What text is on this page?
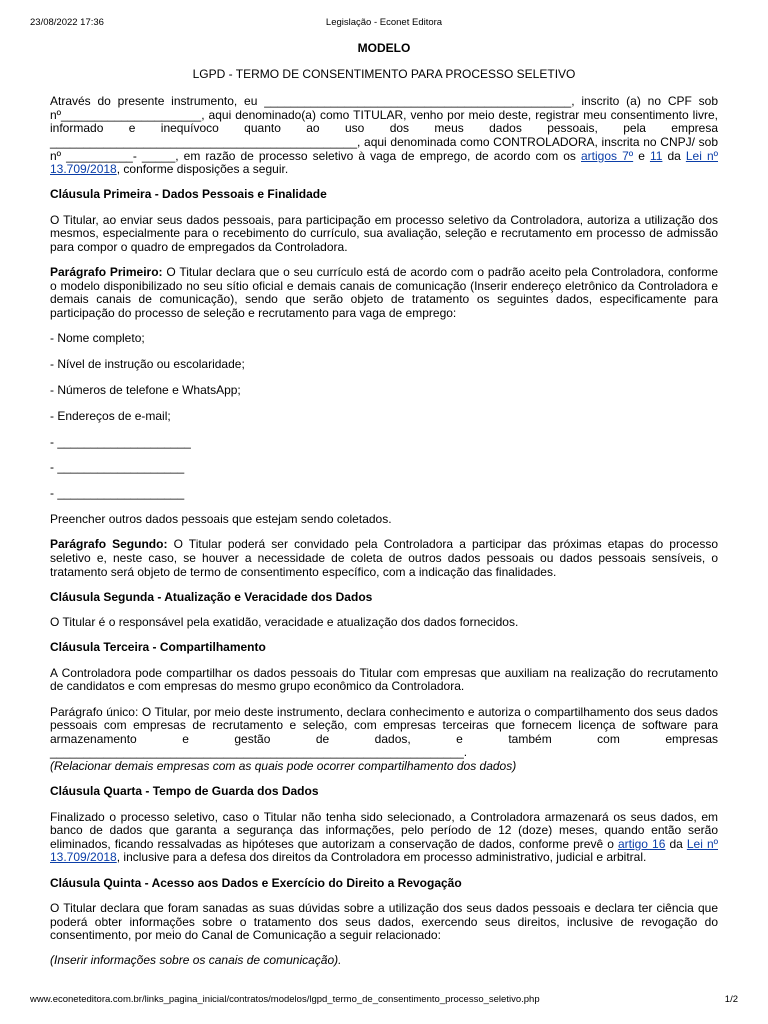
23/08/2022 17:36	Legislação - Econet Editora
MODELO
LGPD - TERMO DE CONSENTIMENTO PARA PROCESSO SELETIVO

Através do presente instrumento, eu ______________________________________________, inscrito (a) no CPF sob nº_____________________, aqui denominado(a) como TITULAR, venho por meio deste, registrar meu consentimento livre, informado e inequívoco quanto ao uso dos meus dados pessoais, pela empresa ______________________________________________, aqui denominada como CONTROLADORA, inscrita no CNPJ/ sob nº __________- _____, em razão de processo seletivo à vaga de emprego, de acordo com os artigos 7º e 11 da Lei nº 13.709/2018, conforme disposições a seguir.

Cláusula Primeira - Dados Pessoais e Finalidade

O Titular, ao enviar seus dados pessoais, para participação em processo seletivo da Controladora, autoriza a utilização dos mesmos, especialmente para o recebimento do currículo, sua avaliação, seleção e recrutamento em processo de admissão para compor o quadro de empregados da Controladora.

Parágrafo Primeiro: O Titular declara que o seu currículo está de acordo com o padrão aceito pela Controladora, conforme o modelo disponibilizado no seu sítio oficial e demais canais de comunicação (Inserir endereço eletrônico da Controladora e demais canais de comunicação), sendo que serão objeto de tratamento os seguintes dados, especificamente para participação do processo de seleção e recrutamento para vaga de emprego:

- Nome completo;
- Nível de instrução ou escolaridade;
- Números de telefone e WhatsApp;
- Endereços de e-mail;
- ____________________
- ___________________
- ___________________

Preencher outros dados pessoais que estejam sendo coletados.

Parágrafo Segundo: O Titular poderá ser convidado pela Controladora a participar das próximas etapas do processo seletivo e, neste caso, se houver a necessidade de coleta de outros dados pessoais ou dados pessoais sensíveis, o tratamento será objeto de termo de consentimento específico, com a indicação das finalidades.

Cláusula Segunda - Atualização e Veracidade dos Dados

O Titular é o responsável pela exatidão, veracidade e atualização dos dados fornecidos.

Cláusula Terceira - Compartilhamento

A Controladora pode compartilhar os dados pessoais do Titular com empresas que auxiliam na realização do recrutamento de candidatos e com empresas do mesmo grupo econômico da Controladora.

Parágrafo único: O Titular, por meio deste instrumento, declara conhecimento e autoriza o compartilhamento dos seus dados pessoais com empresas de recrutamento e seleção, com empresas terceiras que fornecem licença de software para armazenamento e gestão de dados, e também com empresas ______________________________________________________________.

(Relacionar demais empresas com as quais pode ocorrer compartilhamento dos dados)

Cláusula Quarta - Tempo de Guarda dos Dados

Finalizado o processo seletivo, caso o Titular não tenha sido selecionado, a Controladora armazenará os seus dados, em banco de dados que garanta a segurança das informações, pelo período de 12 (doze) meses, quando então serão eliminados, ficando ressalvadas as hipóteses que autorizam a conservação de dados, conforme prevê o artigo 16 da Lei nº 13.709/2018, inclusive para a defesa dos direitos da Controladora em processo administrativo, judicial e arbitral.

Cláusula Quinta - Acesso aos Dados e Exercício do Direito a Revogação

O Titular declara que foram sanadas as suas dúvidas sobre a utilização dos seus dados pessoais e declara ter ciência que poderá obter informações sobre o tratamento dos seus dados, exercendo seus direitos, inclusive de revogação do consentimento, por meio do Canal de Comunicação a seguir relacionado:

(Inserir informações sobre os canais de comunicação).

www.econeteditora.com.br/links_pagina_inicial/contratos/modelos/lgpd_termo_de_consentimento_processo_seletivo.php	1/2
